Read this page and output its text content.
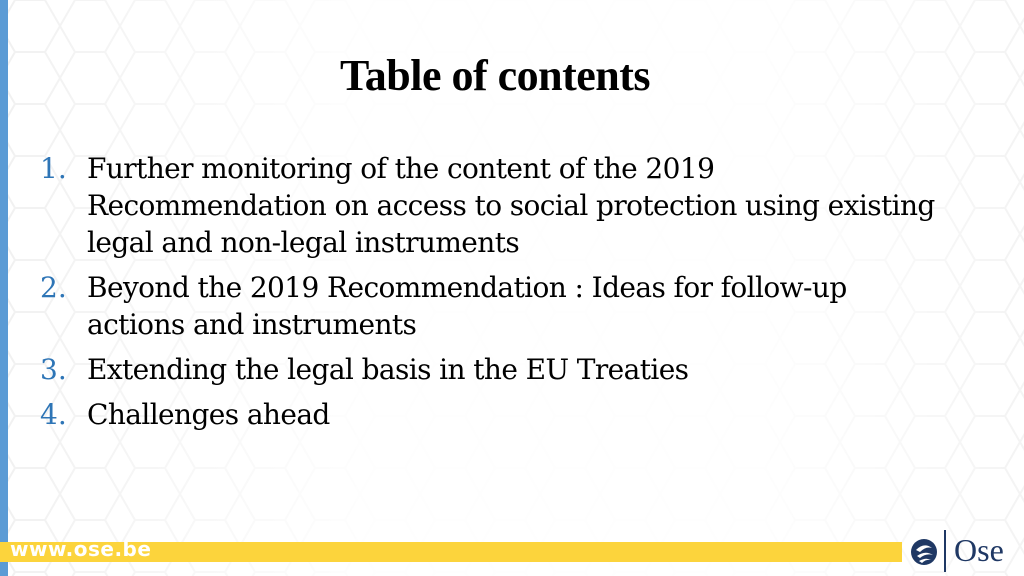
Table of contents
1. Further monitoring of the content of the 2019 Recommendation on access to social protection using existing legal and non-legal instruments
2. Beyond the 2019 Recommendation : Ideas for follow-up actions and instruments
3. Extending the legal basis in the EU Treaties
4. Challenges ahead
www.ose.be	Ose
